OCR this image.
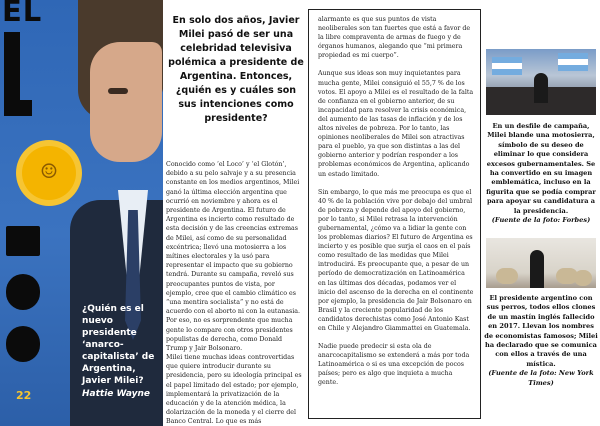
EL
☺
¿Quién es el nuevo presidente ‘anarco-capitalista’ de Argentina, Javier Milei?
Hattie Wayne
22
En solo dos años, Javier Milei pasó de ser una celebridad televisiva polémica a presidente de Argentina. Entonces, ¿quién es y cuáles son sus intenciones como presidente?

Conocido como ‘el Loco’ y ‘el Glotón’, debido a su pelo salvaje y a su presencia constante en los medios argentinos, Milei ganó la última elección argentina que ocurrió en noviembre y ahora es el presidente de Argentina. El futuro de Argentina es incierto como resultado de esta decisión y de las creencias extremas de Milei, así como de su personalidad excéntrica; llevó una motosierra a los mítines electorales y la usó para representar el impacto que su gobierno tendrá. Durante su campaña, reveló sus preocupantes puntos de vista, por ejemplo, cree que el cambio climático es “una mentira socialista” y no está de acuerdo con el aborto ni con la eutanasia. Por eso, no es sorprendente que mucha gente lo compare con otros presidentes populistas de derecha, como Donald Trump y Jair Bolsonaro.

Milei tiene muchas ideas controvertidas que quiere introducir durante su presidencia, pero su ideología principal es el papel limitado del estado; por ejemplo, implementará la privatización de la educación y de la atención médica, la dolarización de la moneda y el cierre del Banco Central. Lo que es más

alarmante es que sus puntos de vista neoliberales son tan fuertes que está a favor de la libre compraventa de armas de fuego y de órganos humanos, alegando que “mi primera propiedad es mi cuerpo”.

Aunque sus ideas son muy inquietantes para mucha gente, Milei consiguió el 55,7 % de los votos. El apoyo a Milei es el resultado de la falta de confianza en el gobierno anterior, de su incapacidad para resolver la crisis económica, del aumento de las tasas de inflación y de los altos niveles de pobreza. Por lo tanto, las opiniones neoliberales de Milei son atractivas para el pueblo, ya que son distintas a las del gobierno anterior y podrían responder a los problemas económicos de Argentina, aplicando un estado limitado.

Sin embargo, lo que más me preocupa es que el 40 % de la población vive por debajo del umbral de pobreza y depende del apoyo del gobierno, por lo tanto, si Milei retrasa la intervención gubernamental, ¿cómo va a lidiar la gente con los problemas diarios? El futuro de Argentina es incierto y es posible que surja el caos en el país como resultado de las medidas que Milei introducirá. Es preocupante que, a pesar de un período de democratización en Latinoamérica en las últimas dos décadas, podamos ver el inicio del ascenso de la derecha en el continente por ejemplo, la presidencia de Jair Bolsonaro en Brasil y la creciente popularidad de los candidatos derechistas como José Antonio Kast en Chile y Alejandro Giammattei en Guatemala.

Nadie puede predecir si esta ola de anarcocapitalismo se extenderá a más por toda Latinoamérica o si es una excepción de pocos países; pero es algo que inquieta a mucha gente.

En un desfile de campaña, Milei blande una motosierra, símbolo de su deseo de eliminar lo que considera excesos gubernamentales. Se ha convertido en su imagen emblemática, incluso en la figurita que se podía comprar para apoyar su candidatura a la presidencia.
(Fuente de la foto: Forbes)
El presidente argentino con sus perros, todos ellos clones de un mastín inglés fallecido en 2017. Llevan los nombres de economistas famosos; Milei ha declarado que se comunica con ellos a través de una mística.
(Fuente de la foto: New York Times)
